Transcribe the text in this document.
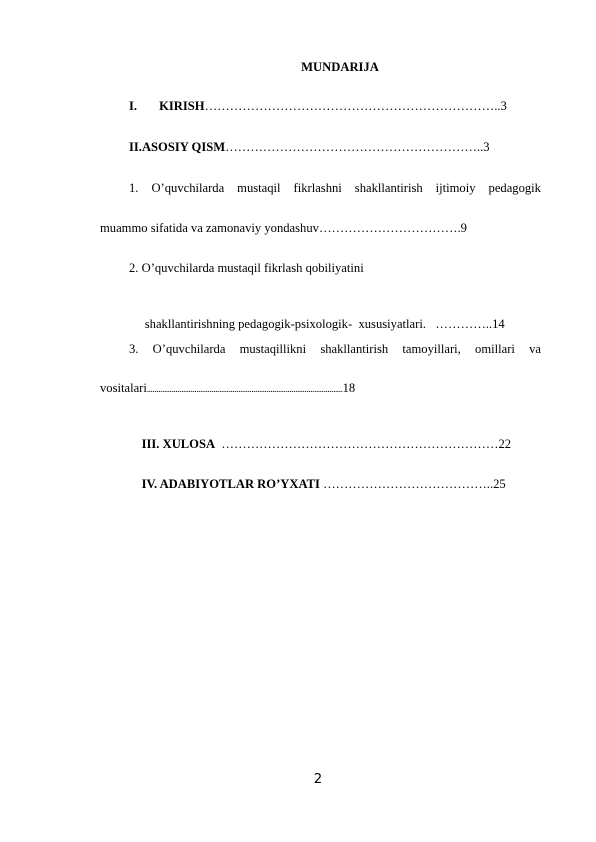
MUNDARIJA
I. KIRISH……………………………………………………………..3
II.ASOSIY QISM……………………………………………………..3
1. O’quvchilarda mustaqil fikrlashni shakllantirish ijtimoiy pedagogik
muammo sifatida va zamonaviy yondashuv…………………………….9
2. O’quvchilarda mustaqil fikrlash qobiliyatini

shakllantirishning pedagogik-psixologik-  xususiyatlari.   …………..14

3. O’quvchilarda mustaqillikni shakllantirish tamoyillari, omillari va
vositalari.......................................................................................................18

III. XULOSA  …………………………………………………………22

IV. ADABIYOTLAR RO’YXATI …………………………………..25

2
